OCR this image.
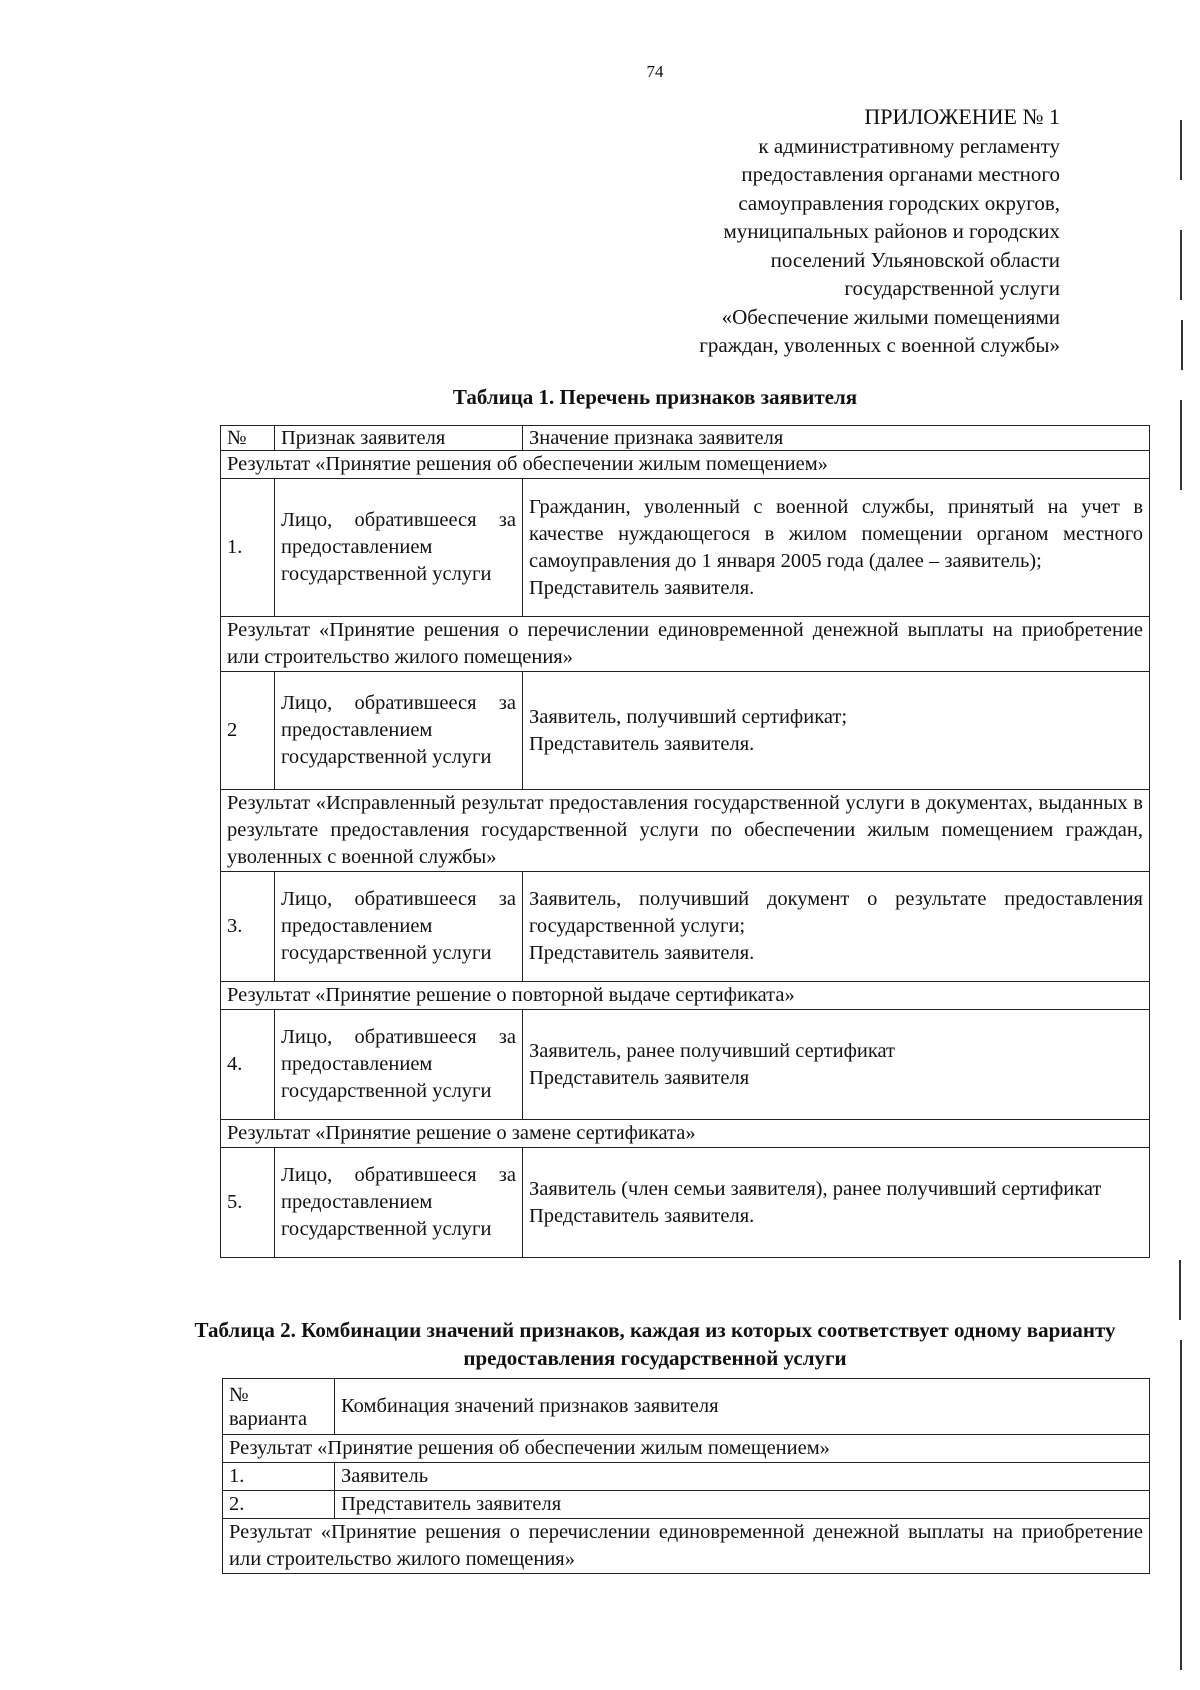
74
ПРИЛОЖЕНИЕ № 1
к административному регламенту
предоставления органами местного
самоуправления городских округов,
муниципальных районов и городских
поселений Ульяновской области
государственной услуги
«Обеспечение жилыми помещениями
граждан, уволенных с военной службы»
Таблица 1. Перечень признаков заявителя
№	Признак заявителя	Значение признака заявителя
Результат «Принятие решения об обеспечении жилым помещением»		
1.	Лицо, обратившееся за предоставлением государственной услуги	Гражданин, уволенный с военной службы, принятый на учет в качестве нуждающегося в жилом помещении органом местного самоуправления до 1 января 2005 года (далее – заявитель);
Представитель заявителя.

Результат «Принятие решения о перечислении единовременной денежной выплаты на приобретение или строительство жилого помещения»		
2	Лицо, обратившееся за предоставлением государственной услуги	Заявитель, получивший сертификат;
Представитель заявителя.

Результат «Исправленный результат предоставления государственной услуги в документах, выданных в результате предоставления государственной услуги по обеспечении жилым помещением граждан, уволенных с военной службы»		
3.	Лицо, обратившееся за предоставлением государственной услуги	Заявитель, получивший документ о результате предоставления государственной услуги;
Представитель заявителя.

Результат «Принятие решение о повторной выдаче сертификата»		
4.	Лицо, обратившееся за предоставлением государственной услуги	Заявитель, ранее получивший сертификат
Представитель заявителя

Результат «Принятие решение о замене сертификата»		
5.	Лицо, обратившееся за предоставлением государственной услуги	Заявитель (член семьи заявителя), ранее получивший сертификат
Представитель заявителя.
Таблица 2. Комбинации значений признаков, каждая из которых соответствует одному варианту предоставления государственной услуги
№ варианта	Комбинация значений признаков заявителя
Результат «Принятие решения об обеспечении жилым помещением»	
1.	Заявитель
2.	Представитель заявителя
Результат «Принятие решения о перечислении единовременной денежной выплаты на приобретение или строительство жилого помещения»	
